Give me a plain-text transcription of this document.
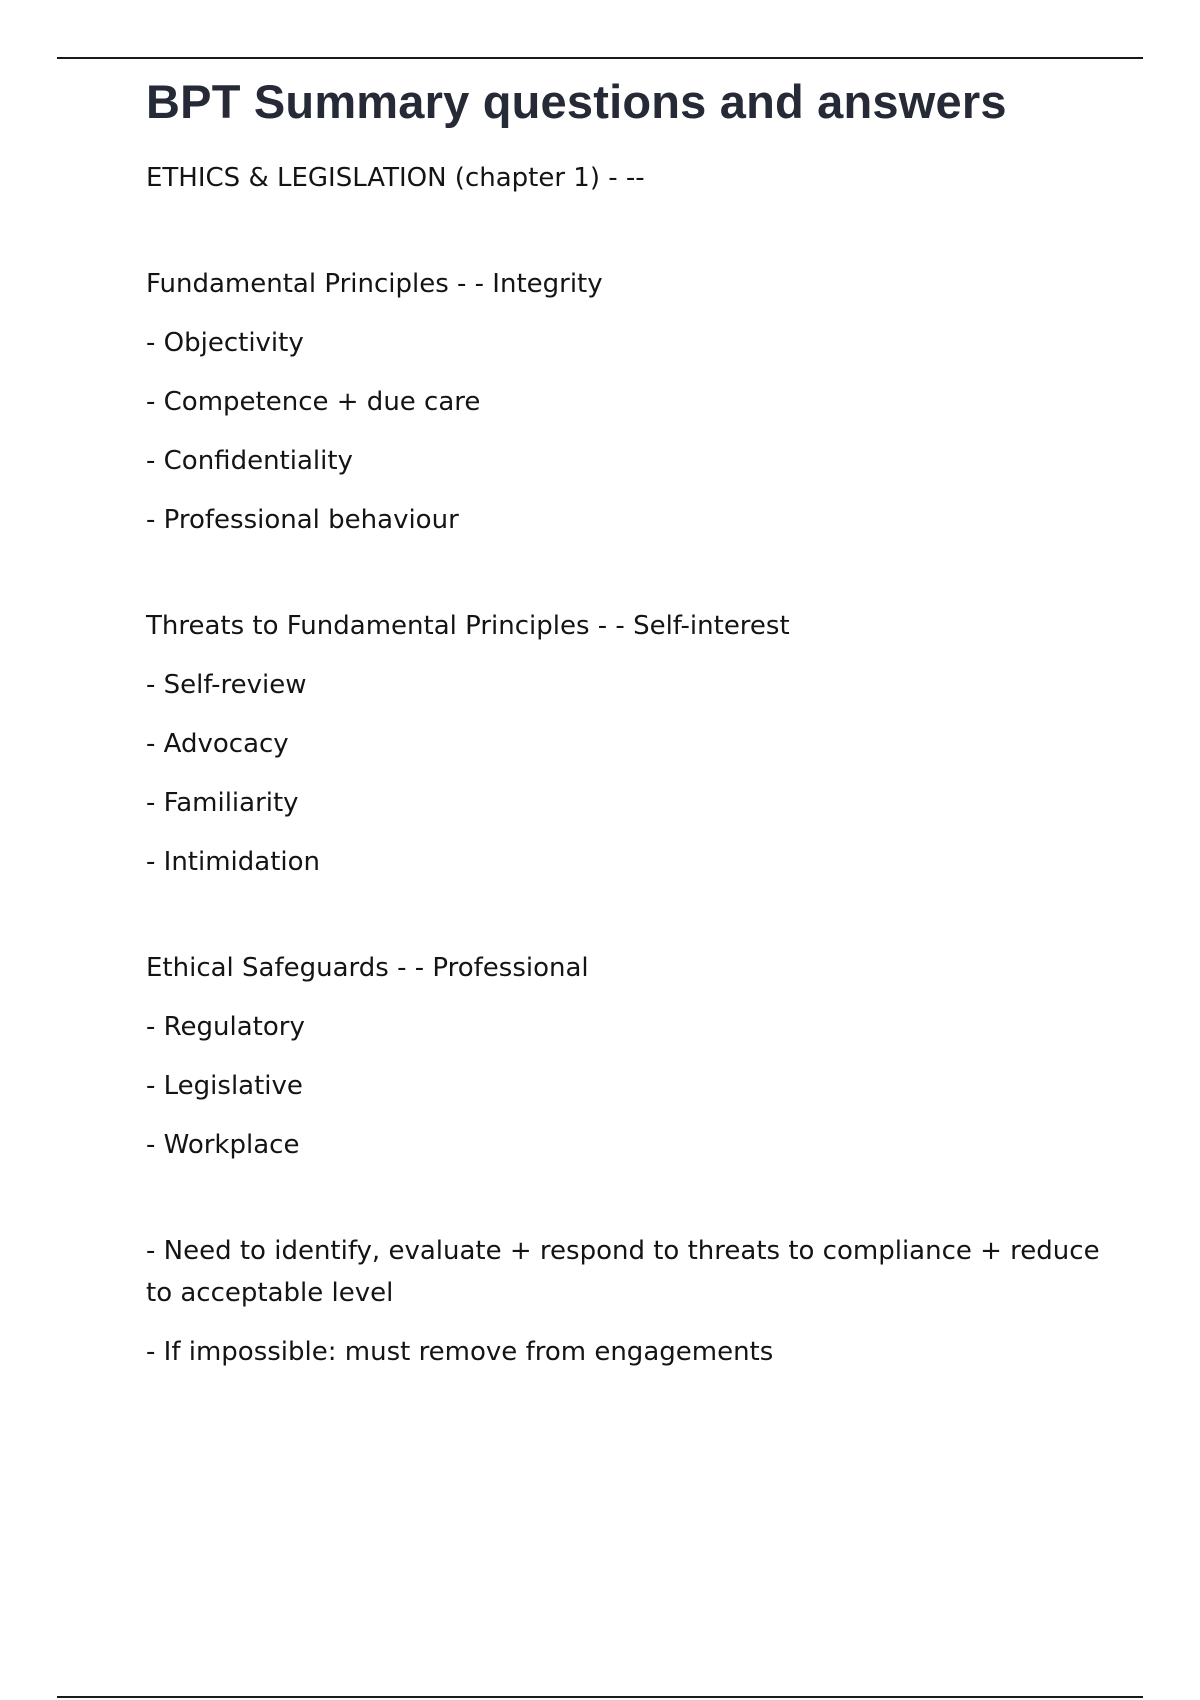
BPT Summary questions and answers

ETHICS & LEGISLATION (chapter 1) - --

Fundamental Principles - - Integrity

- Objectivity

- Competence + due care

- Confidentiality

- Professional behaviour

Threats to Fundamental Principles - - Self-interest

- Self-review

- Advocacy

- Familiarity

- Intimidation

Ethical Safeguards - - Professional

- Regulatory

- Legislative

- Workplace

- Need to identify, evaluate + respond to threats to compliance + reduce to acceptable level

- If impossible: must remove from engagements
